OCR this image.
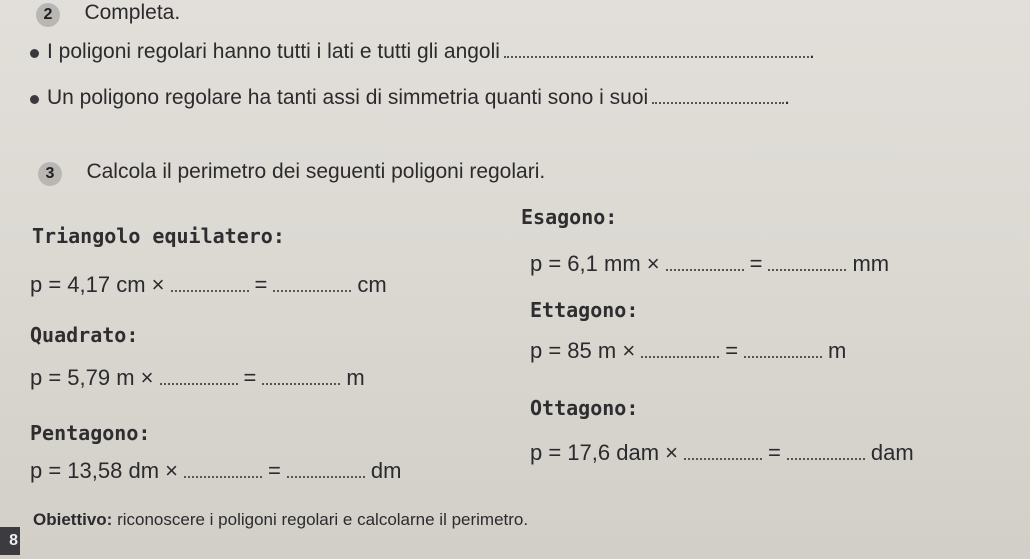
2 Completa.
I poligoni regolari hanno tutti i lati e tutti gli angoli	.
Un poligono regolare ha tanti assi di simmetria quanti sono i suoi	.
3 Calcola il perimetro dei seguenti poligoni regolari.
Triangolo equilatero:
p = 4,17 cm ×	=	cm
Quadrato:
p = 5,79 m ×	=	m
Pentagono:
p = 13,58 dm ×	=	dm
Esagono:
p = 6,1 mm ×	=	mm
Ettagono:
p = 85 m ×	=	m
Ottagono:
p = 17,6 dam ×	=	dam
8
Obiettivo: riconoscere i poligoni regolari e calcolarne il perimetro.
